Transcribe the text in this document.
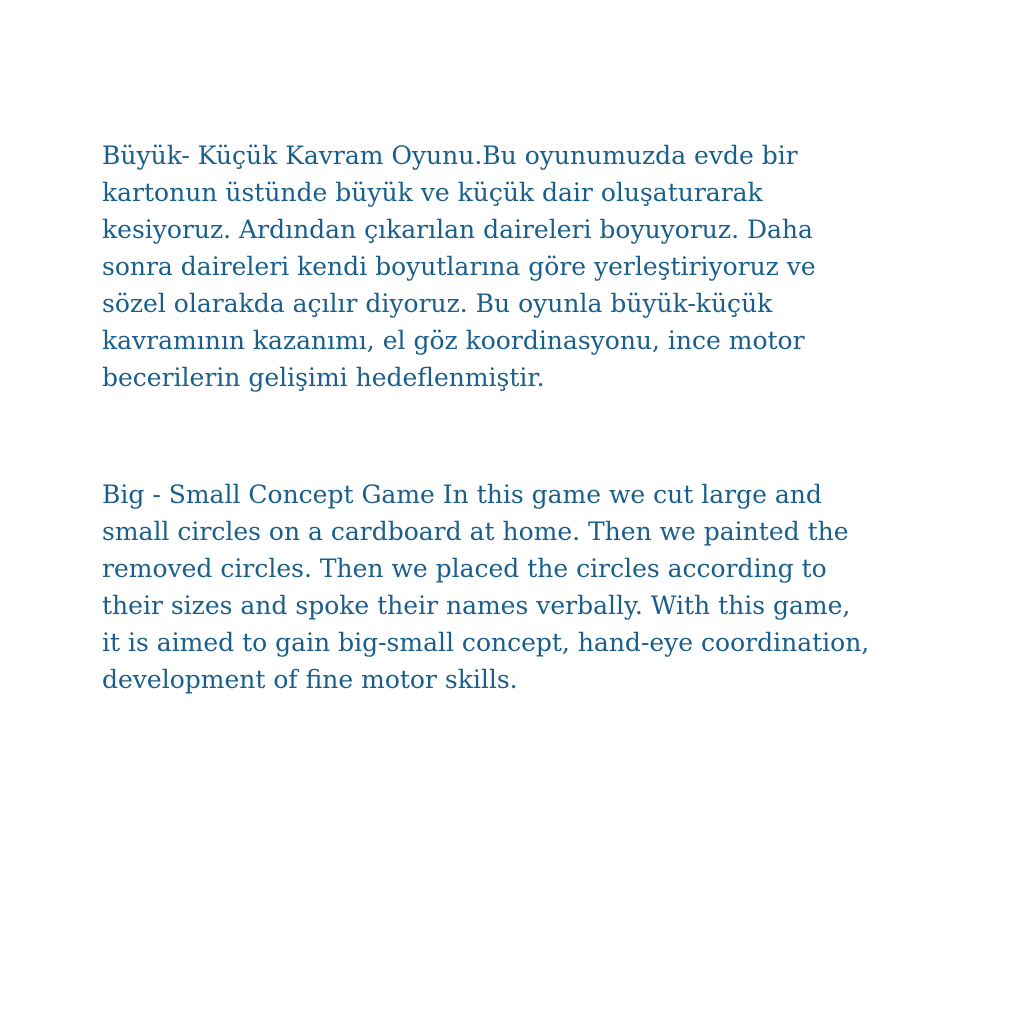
Büyük- Küçük Kavram Oyunu.Bu oyunumuzda evde bir
kartonun üstünde büyük ve küçük dair oluşaturarak
kesiyoruz. Ardından çıkarılan daireleri boyuyoruz. Daha
sonra daireleri kendi boyutlarına göre yerleştiriyoruz ve
sözel olarakda açılır diyoruz. Bu oyunla büyük-küçük
kavramının kazanımı, el göz koordinasyonu, ince motor
becerilerin gelişimi hedeflenmiştir.

Big - Small Concept Game In this game we cut large and
small circles on a cardboard at home. Then we painted the
removed circles. Then we placed the circles according to
their sizes and spoke their names verbally. With this game,
it is aimed to gain big-small concept, hand-eye coordination,
development of fine motor skills.
